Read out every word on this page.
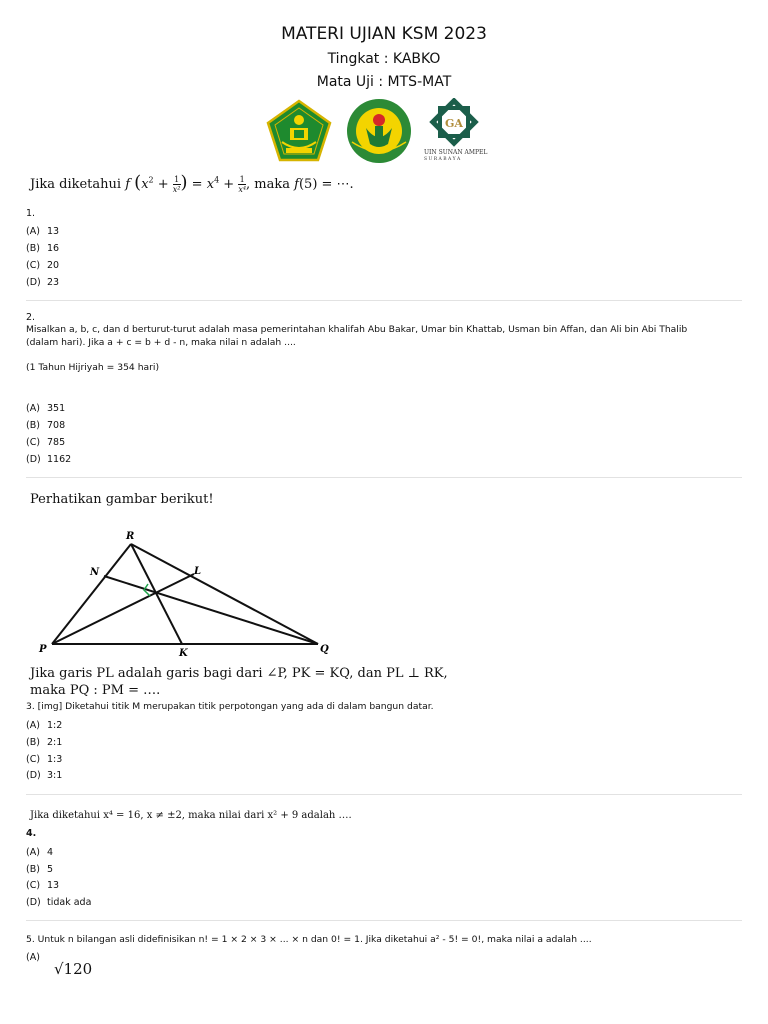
MATERI UJIAN KSM 2023
Tingkat : KABKO
Mata Uji : MTS-MAT
GA
UIN SUNAN AMPEL
S U R A B A Y A
Jika diketahui f ($x^2 + \frac{1}{\text{x²}}$ ) = $x^4 + \frac{1}{\text{x⁴}}$ , maka f(5) = ⋯.
1.
(A) 13
(B) 16
(C) 20
(D) 23
2.
Misalkan a, b, c, dan d berturut-turut adalah masa pemerintahan khalifah Abu Bakar, Umar bin Khattab, Usman bin Affan, dan Ali bin Abi Thalib
(dalam hari). Jika a + c = b + d - n, maka nilai n adalah ....
(1 Tahun Hijriyah = 354 hari)
(A) 351
(B) 708
(C) 785
(D) 1162
Perhatikan gambar berikut!
R
N	L
P	K	Q
Jika garis PL adalah garis bagi dari ∠P, PK = KQ, dan PL ⊥ RK,
maka PQ : PM = ….
3. [img] Diketahui titik M merupakan titik perpotongan yang ada di dalam bangun datar.
(A) 1:2
(B) 2:1
(C) 1:3
(D) 3:1
Jika diketahui x⁴ = 16, x ≠ ±2, maka nilai dari x² + 9 adalah ….
4.
(A) 4
(B) 5
(C) 13
(D) tidak ada
5. Untuk n bilangan asli didefinisikan n! = 1 × 2 × 3 × ... × n dan 0! = 1. Jika diketahui a² - 5! = 0!, maka nilai a adalah ....
(A)
√120
